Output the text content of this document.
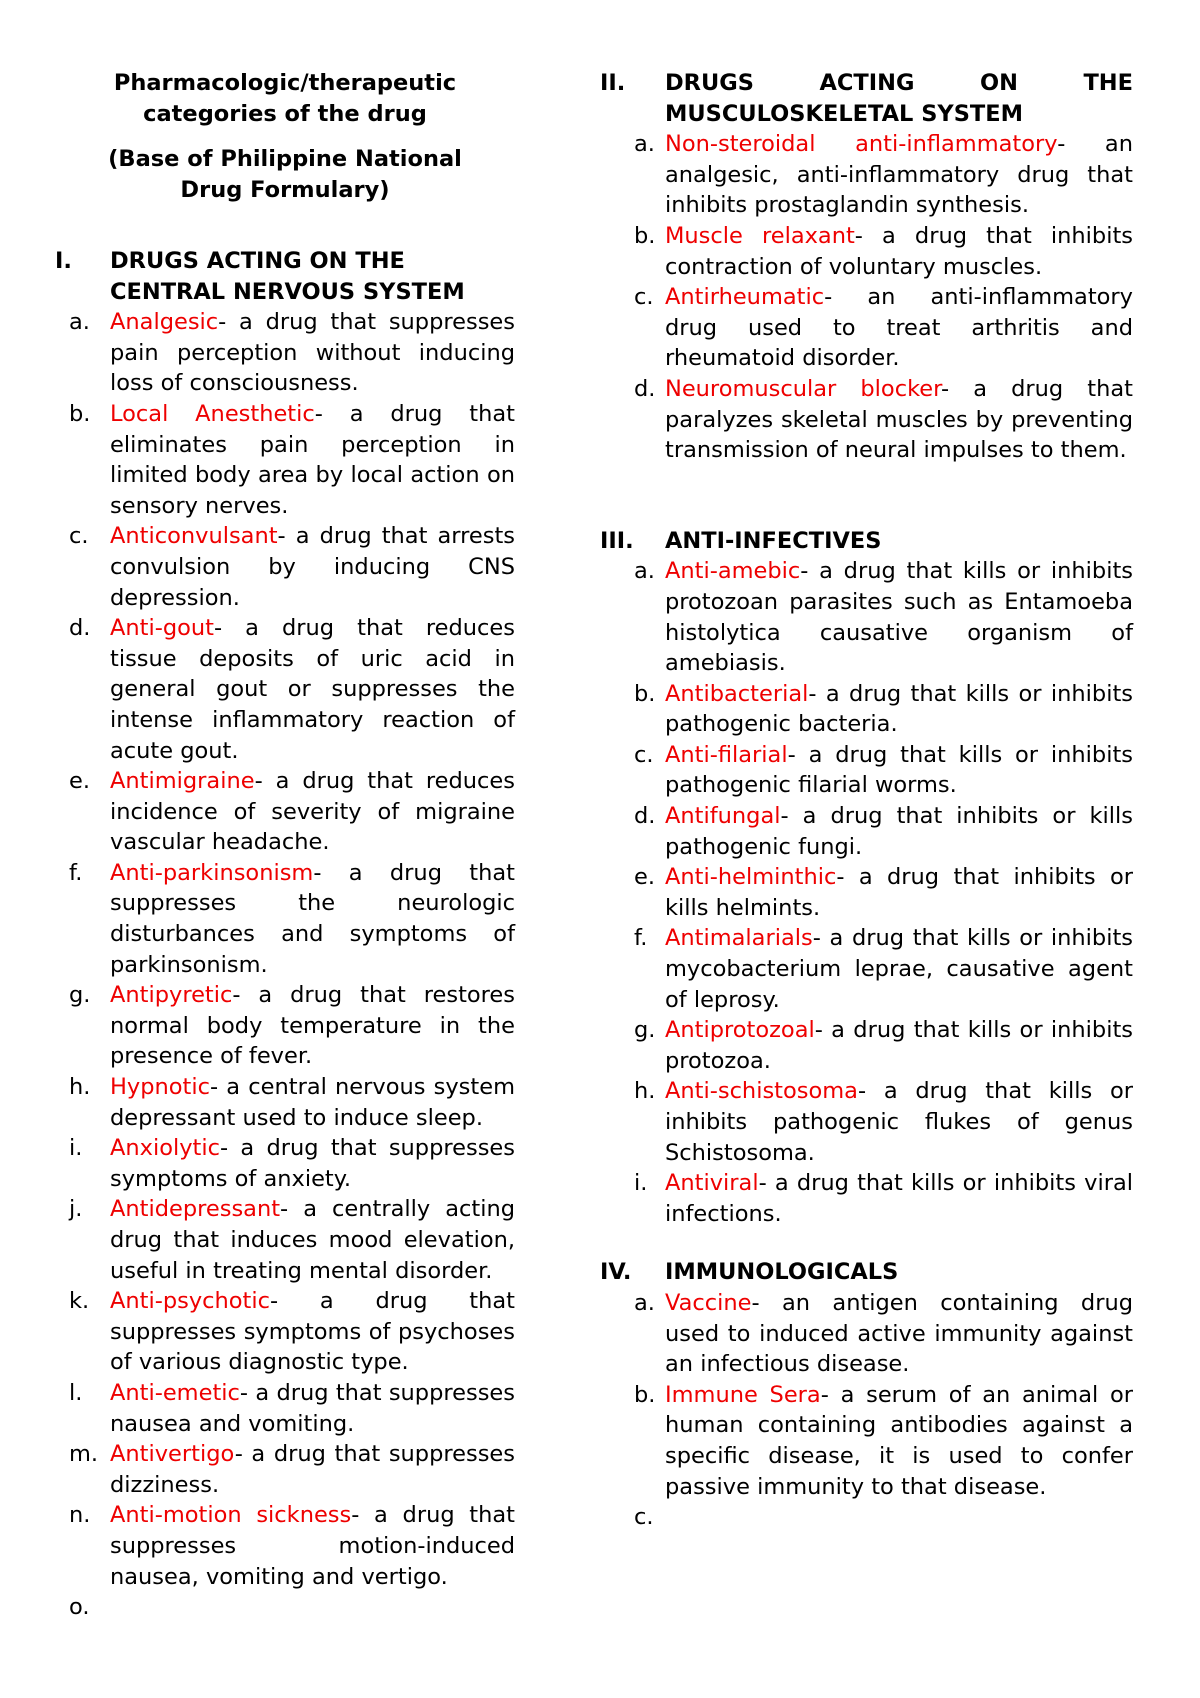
Pharmacologic/therapeutic categories of the drug
(Base of Philippine National Drug Formulary)
I.	DRUGS ACTING ON THE CENTRAL NERVOUS SYSTEM
a. Analgesic- a drug that suppresses pain perception without inducing loss of consciousness.
b. Local Anesthetic- a drug that eliminates pain perception in limited body area by local action on sensory nerves.
c. Anticonvulsant- a drug that arrests convulsion by inducing CNS depression.
d. Anti-gout- a drug that reduces tissue deposits of uric acid in general gout or suppresses the intense inflammatory reaction of acute gout.
e. Antimigraine- a drug that reduces incidence of severity of migraine vascular headache.
f.	Anti-parkinsonism- a drug that suppresses the neurologic disturbances and symptoms of parkinsonism.
g. Antipyretic- a drug that restores normal body temperature in the presence of fever.
h. Hypnotic- a central nervous system depressant used to induce sleep.
i.	Anxiolytic- a drug that suppresses symptoms of anxiety.
j.	Antidepressant- a centrally acting drug that induces mood elevation, useful in treating mental disorder.
k. Anti-psychotic- a drug that suppresses symptoms of psychoses of various diagnostic type.
l.	Anti-emetic- a drug that suppresses nausea and vomiting.
m. Antivertigo- a drug that suppresses dizziness.
n. Anti-motion sickness- a drug that suppresses motion-induced nausea, vomiting and vertigo.
o.
II.	DRUGS ACTING ON THE MUSCULOSKELETAL SYSTEM
a. Non-steroidal anti-inflammatory- an analgesic, anti-inflammatory drug that inhibits prostaglandin synthesis.
b. Muscle relaxant- a drug that inhibits contraction of voluntary muscles.
c. Antirheumatic- an anti-inflammatory drug used to treat arthritis and rheumatoid disorder.
d. Neuromuscular blocker- a drug that paralyzes skeletal muscles by preventing transmission of neural impulses to them.
III.	ANTI-INFECTIVES
a. Anti-amebic- a drug that kills or inhibits protozoan parasites such as Entamoeba histolytica causative organism of amebiasis.
b. Antibacterial- a drug that kills or inhibits pathogenic bacteria.
c. Anti-filarial- a drug that kills or inhibits pathogenic filarial worms.
d. Antifungal- a drug that inhibits or kills pathogenic fungi.
e. Anti-helminthic- a drug that inhibits or kills helmints.
f. Antimalarials- a drug that kills or inhibits mycobacterium leprae, causative agent of leprosy.
g. Antiprotozoal- a drug that kills or inhibits protozoa.
h. Anti-schistosoma- a drug that kills or inhibits pathogenic flukes of genus Schistosoma.
i. Antiviral- a drug that kills or inhibits viral infections.
IV.	IMMUNOLOGICALS
a. Vaccine- an antigen containing drug used to induced active immunity against an infectious disease.
b. Immune Sera- a serum of an animal or human containing antibodies against a specific disease, it is used to confer passive immunity to that disease.
c.
